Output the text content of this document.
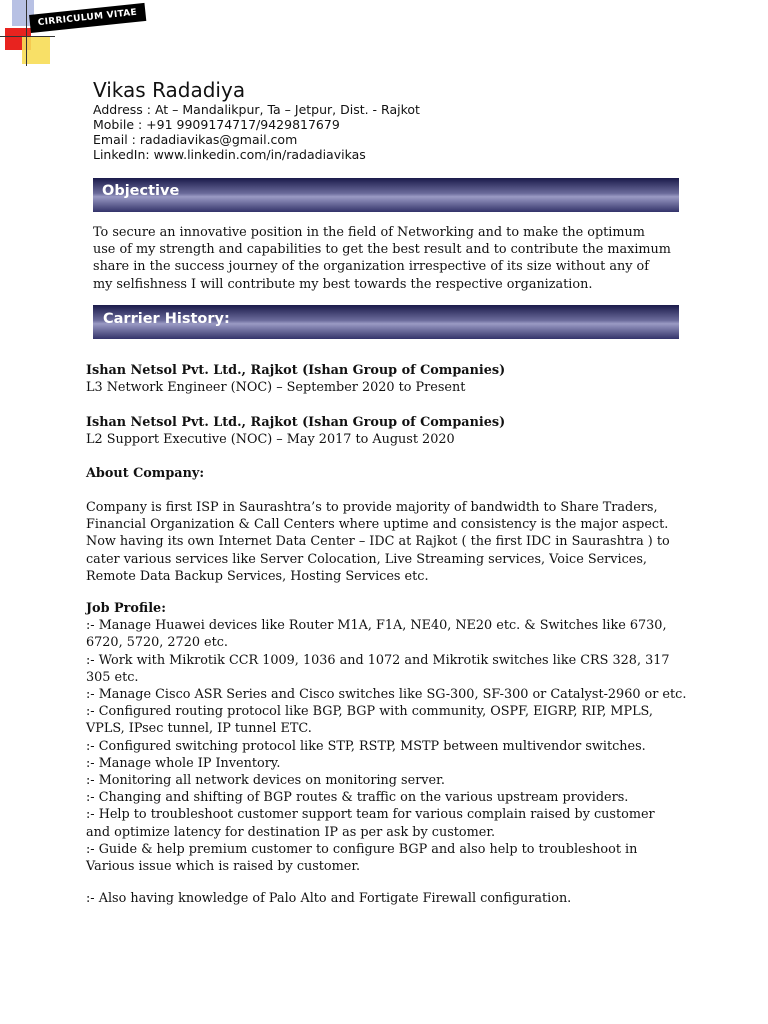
CIRRICULUM VITAE
Vikas Radadiya
Address : At – Mandalikpur, Ta – Jetpur, Dist. - Rajkot
Mobile : +91 9909174717/9429817679
Email : radadiavikas@gmail.com
LinkedIn: www.linkedin.com/in/radadiavikas
Objective
To secure an innovative position in the field of Networking and to make the optimum
use of my strength and capabilities to get the best result and to contribute the maximum
share in the success journey of the organization irrespective of its size without any of
my selfishness I will contribute my best towards the respective organization.
Carrier History:
Ishan Netsol Pvt. Ltd., Rajkot (Ishan Group of Companies)
L3 Network Engineer (NOC) – September 2020 to Present
Ishan Netsol Pvt. Ltd., Rajkot (Ishan Group of Companies)
L2 Support Executive (NOC) – May 2017 to August 2020
About Company:
Company is first ISP in Saurashtra’s to provide majority of bandwidth to Share Traders,
Financial Organization & Call Centers where uptime and consistency is the major aspect.
Now having its own Internet Data Center – IDC at Rajkot ( the first IDC in Saurashtra ) to
cater various services like Server Colocation, Live Streaming services, Voice Services,
Remote Data Backup Services, Hosting Services etc.
Job Profile:
:- Manage Huawei devices like Router M1A, F1A, NE40, NE20 etc. & Switches like 6730,
6720, 5720, 2720 etc.
:- Work with Mikrotik CCR 1009, 1036 and 1072 and Mikrotik switches like CRS 328, 317
305 etc.
:- Manage Cisco ASR Series and Cisco switches like SG-300, SF-300 or Catalyst-2960 or etc.
:- Configured routing protocol like BGP, BGP with community, OSPF, EIGRP, RIP, MPLS,
VPLS, IPsec tunnel, IP tunnel ETC.
:- Configured switching protocol like STP, RSTP, MSTP between multivendor switches.
:- Manage whole IP Inventory.
:- Monitoring all network devices on monitoring server.
:- Changing and shifting of BGP routes & traffic on the various upstream providers.
:- Help to troubleshoot customer support team for various complain raised by customer
and optimize latency for destination IP as per ask by customer.
:- Guide & help premium customer to configure BGP and also help to troubleshoot in
Various issue which is raised by customer.
:- Also having knowledge of Palo Alto and Fortigate Firewall configuration.
